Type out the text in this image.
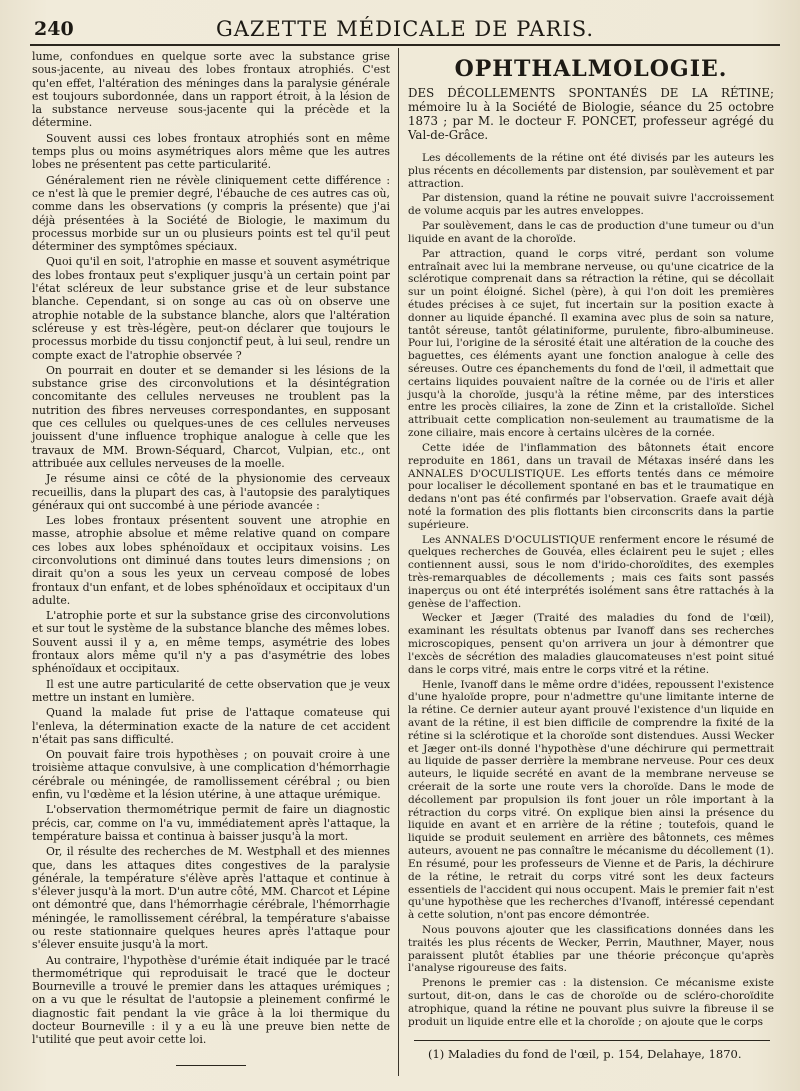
240	GAZETTE MÉDICALE DE PARIS.

lume, confondues en quelque sorte avec la substance grise sous-jacente, au niveau des lobes frontaux atrophiés. C'est qu'en effet, l'altération des méninges dans la paralysie générale est toujours subordonnée, dans un rapport étroit, à la lésion de la substance nerveuse sous-jacente qui la précède et la détermine.

Souvent aussi ces lobes frontaux atrophiés sont en même temps plus ou moins asymétriques alors même que les autres lobes ne présentent pas cette particularité.

Généralement rien ne révèle cliniquement cette différence : ce n'est là que le premier degré, l'ébauche de ces autres cas où, comme dans les observations (y compris la présente) que j'ai déjà présentées à la Société de Biologie, le maximum du processus morbide sur un ou plusieurs points est tel qu'il peut déterminer des symptômes spéciaux.

Quoi qu'il en soit, l'atrophie en masse et souvent asymétrique des lobes frontaux peut s'expliquer jusqu'à un certain point par l'état scléreux de leur substance grise et de leur substance blanche. Cependant, si on songe au cas où on observe une atrophie notable de la substance blanche, alors que l'altération scléreuse y est très-légère, peut-on déclarer que toujours le processus morbide du tissu conjonctif peut, à lui seul, rendre un compte exact de l'atrophie observée ?

On pourrait en douter et se demander si les lésions de la substance grise des circonvolutions et la désintégration concomitante des cellules nerveuses ne troublent pas la nutrition des fibres nerveuses correspondantes, en supposant que ces cellules ou quelques-unes de ces cellules nerveuses jouissent d'une influence trophique analogue à celle que les travaux de MM. Brown-Séquard, Charcot, Vulpian, etc., ont attribuée aux cellules nerveuses de la moelle.

Je résume ainsi ce côté de la physionomie des cerveaux recueillis, dans la plupart des cas, à l'autopsie des paralytiques généraux qui ont succombé à une période avancée :

Les lobes frontaux présentent souvent une atrophie en masse, atrophie absolue et même relative quand on compare ces lobes aux lobes sphénoïdaux et occipitaux voisins. Les circonvolutions ont diminué dans toutes leurs dimensions ; on dirait qu'on a sous les yeux un cerveau composé de lobes frontaux d'un enfant, et de lobes sphénoïdaux et occipitaux d'un adulte.

L'atrophie porte et sur la substance grise des circonvolutions et sur tout le système de la substance blanche des mêmes lobes. Souvent aussi il y a, en même temps, asymétrie des lobes frontaux alors même qu'il n'y a pas d'asymétrie des lobes sphénoïdaux et occipitaux.

Il est une autre particularité de cette observation que je veux mettre un instant en lumière.

Quand la malade fut prise de l'attaque comateuse qui l'enleva, la détermination exacte de la nature de cet accident n'était pas sans difficulté.

On pouvait faire trois hypothèses ; on pouvait croire à une troisième attaque convulsive, à une complication d'hémorrhagie cérébrale ou méningée, de ramollissement cérébral ; ou bien enfin, vu l'œdème et la lésion utérine, à une attaque urémique.

L'observation thermométrique permit de faire un diagnostic précis, car, comme on l'a vu, immédiatement après l'attaque, la température baissa et continua à baisser jusqu'à la mort.

Or, il résulte des recherches de M. Westphall et des miennes que, dans les attaques dites congestives de la paralysie générale, la température s'élève après l'attaque et continue à s'élever jusqu'à la mort. D'un autre côté, MM. Charcot et Lépine ont démontré que, dans l'hémorrhagie cérébrale, l'hémorrhagie méningée, le ramollissement cérébral, la température s'abaisse ou reste stationnaire quelques heures après l'attaque pour s'élever ensuite jusqu'à la mort.

Au contraire, l'hypothèse d'urémie était indiquée par le tracé thermométrique qui reproduisait le tracé que le docteur Bourneville a trouvé le premier dans les attaques urémiques ; on a vu que le résultat de l'autopsie a pleinement confirmé le diagnostic fait pendant la vie grâce à la loi thermique du docteur Bourneville : il y a eu là une preuve bien nette de l'utilité que peut avoir cette loi.

OPHTHALMOLOGIE.

DES DÉCOLLEMENTS SPONTANÉS DE LA RÉTINE; mémoire lu à la Société de Biologie, séance du 25 octobre 1873 ; par M. le docteur F. PONCET, professeur agrégé du Val-de-Grâce.

Les décollements de la rétine ont été divisés par les auteurs les plus récents en décollements par distension, par soulèvement et par attraction.

Par distension, quand la rétine ne pouvait suivre l'accroissement de volume acquis par les autres enveloppes.

Par soulèvement, dans le cas de production d'une tumeur ou d'un liquide en avant de la choroïde.

Par attraction, quand le corps vitré, perdant son volume entraînait avec lui la membrane nerveuse, ou qu'une cicatrice de la sclérotique comprenait dans sa rétraction la rétine, qui se décollait sur un point éloigné. Sichel (père), à qui l'on doit les premières études précises à ce sujet, fut incertain sur la position exacte à donner au liquide épanché. Il examina avec plus de soin sa nature, tantôt séreuse, tantôt gélatiniforme, purulente, fibro-albumineuse. Pour lui, l'origine de la sérosité était une altération de la couche des baguettes, ces éléments ayant une fonction analogue à celle des séreuses. Outre ces épanchements du fond de l'œil, il admettait que certains liquides pouvaient naître de la cornée ou de l'iris et aller jusqu'à la choroïde, jusqu'à la rétine même, par des interstices entre les procès ciliaires, la zone de Zinn et la cristalloïde. Sichel attribuait cette complication non-seulement au traumatisme de la zone ciliaire, mais encore à certains ulcères de la cornée.

Cette idée de l'inflammation des bâtonnets était encore reproduite en 1861, dans un travail de Métaxas inséré dans les ANNALES D'OCULISTIQUE. Les efforts tentés dans ce mémoire pour localiser le décollement spontané en bas et le traumatique en dedans n'ont pas été confirmés par l'observation. Graefe avait déjà noté la formation des plis flottants bien circonscrits dans la partie supérieure.

Les ANNALES D'OCULISTIQUE renferment encore le résumé de quelques recherches de Gouvéa, elles éclairent peu le sujet ; elles contiennent aussi, sous le nom d'irido-choroïdites, des exemples très-remarquables de décollements ; mais ces faits sont passés inaperçus ou ont été interprétés isolément sans être rattachés à la genèse de l'affection.

Wecker et Jæger (Traité des maladies du fond de l'œil), examinant les résultats obtenus par Ivanoff dans ses recherches microscopiques, pensent qu'on arrivera un jour à démontrer que l'excès de sécrétion des maladies glaucomateuses n'est point situé dans le corps vitré, mais entre le corps vitré et la rétine.

Henle, Ivanoff dans le même ordre d'idées, repoussent l'existence d'une hyaloïde propre, pour n'admettre qu'une limitante interne de la rétine. Ce dernier auteur ayant prouvé l'existence d'un liquide en avant de la rétine, il est bien difficile de comprendre la fixité de la rétine si la sclérotique et la choroïde sont distendues. Aussi Wecker et Jæger ont-ils donné l'hypothèse d'une déchirure qui permettrait au liquide de passer derrière la membrane nerveuse. Pour ces deux auteurs, le liquide secrété en avant de la membrane nerveuse se créerait de la sorte une route vers la choroïde. Dans le mode de décollement par propulsion ils font jouer un rôle important à la rétraction du corps vitré. On explique bien ainsi la présence du liquide en avant et en arrière de la rétine ; toutefois, quand le liquide se produit seulement en arrière des bâtonnets, ces mêmes auteurs, avouent ne pas connaître le mécanisme du décollement (1). En résumé, pour les professeurs de Vienne et de Paris, la déchirure de la rétine, le retrait du corps vitré sont les deux facteurs essentiels de l'accident qui nous occupent. Mais le premier fait n'est qu'une hypothèse que les recherches d'Ivanoff, intéressé cependant à cette solution, n'ont pas encore démontrée.

Nous pouvons ajouter que les classifications données dans les traités les plus récents de Wecker, Perrin, Mauthner, Mayer, nous paraissent plutôt établies par une théorie préconçue qu'après l'analyse rigoureuse des faits.

Prenons le premier cas : la distension. Ce mécanisme existe surtout, dit-on, dans le cas de choroïde ou de scléro-choroïdite atrophique, quand la rétine ne pouvant plus suivre la fibreuse il se produit un liquide entre elle et la choroïde ; on ajoute que le corps

(1) Maladies du fond de l'œil, p. 154, Delahaye, 1870.
